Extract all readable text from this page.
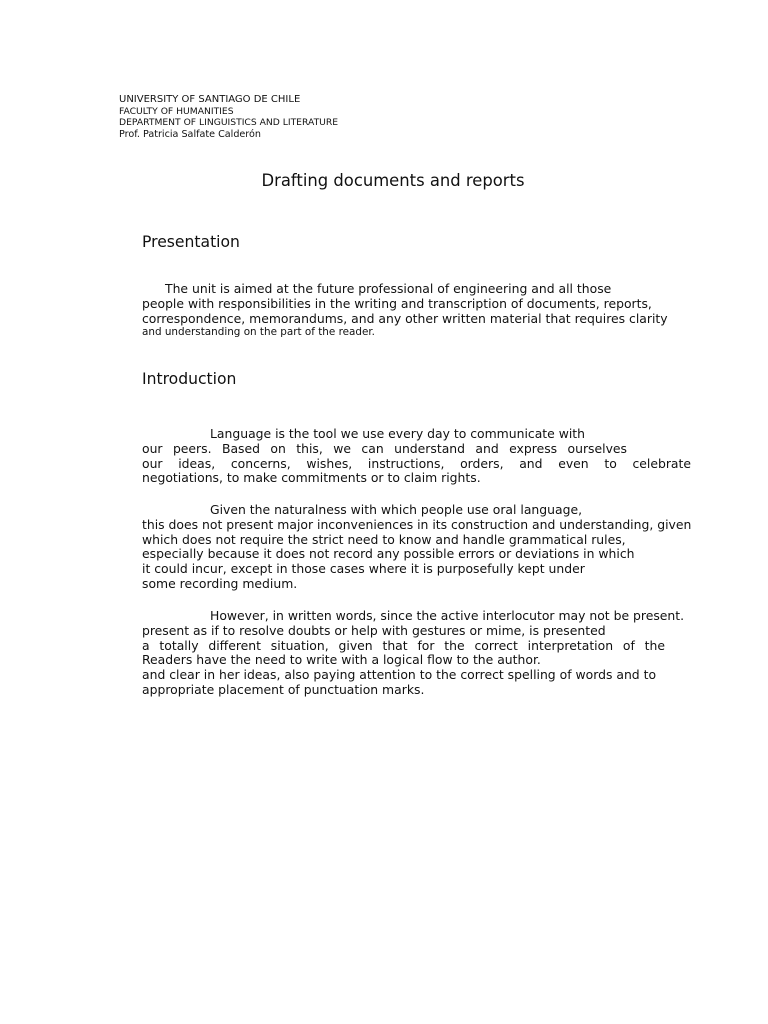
UNIVERSITY OF SANTIAGO DE CHILE
FACULTY OF HUMANITIES
DEPARTMENT OF LINGUISTICS AND LITERATURE
Prof. Patricia Salfate Calderón
Drafting documents and reports
Presentation
The unit is aimed at the future professional of engineering and all those
people with responsibilities in the writing and transcription of documents, reports,
correspondence, memorandums, and any other written material that requires clarity
and understanding on the part of the reader.
Introduction
Language is the tool we use every day to communicate with
our peers. Based on this, we can understand and express ourselves
our ideas, concerns, wishes, instructions, orders, and even to celebrate
negotiations, to make commitments or to claim rights.
Given the naturalness with which people use oral language,
this does not present major inconveniences in its construction and understanding, given
which does not require the strict need to know and handle grammatical rules,
especially because it does not record any possible errors or deviations in which
it could incur, except in those cases where it is purposefully kept under
some recording medium.
However, in written words, since the active interlocutor may not be present.
present as if to resolve doubts or help with gestures or mime, is presented
a totally different situation, given that for the correct interpretation of the
Readers have the need to write with a logical flow to the author.
and clear in her ideas, also paying attention to the correct spelling of words and to
appropriate placement of punctuation marks.
